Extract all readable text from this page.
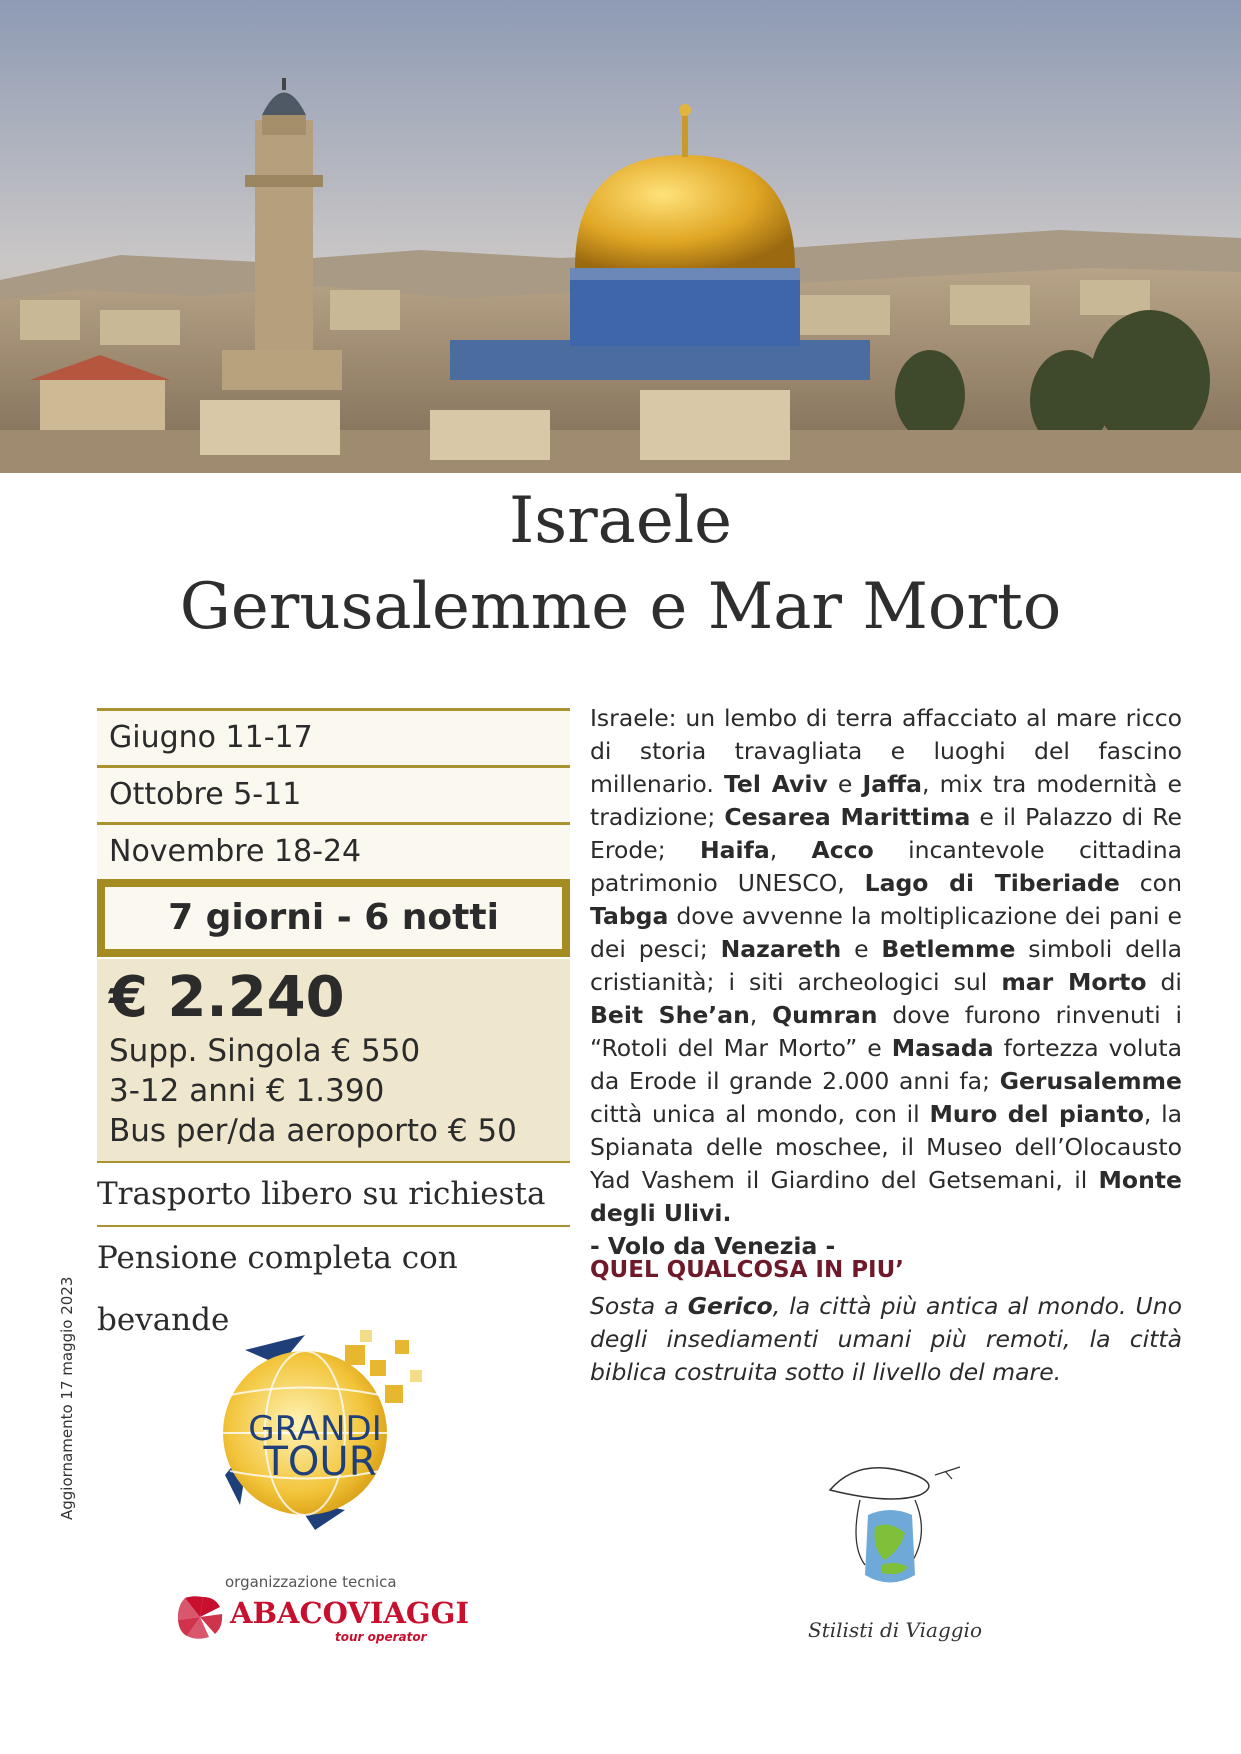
Israele
Gerusalemme e Mar Morto
Giugno 11-17
Ottobre 5-11
Novembre 18-24
7 giorni - 6 notti
€ 2.240
Supp. Singola € 550
3-12 anni € 1.390
Bus per/da aeroporto € 50
Trasporto libero su richiesta
Pensione completa con bevande
Israele: un lembo di terra affacciato al mare ricco di storia travagliata e luoghi del fascino millenario. Tel Aviv e Jaffa, mix tra modernità e tradizione; Cesarea Marittima e il Palazzo di Re Erode; Haifa, Acco incantevole cittadina patrimonio UNESCO, Lago di Tiberiade con Tabga dove avvenne la moltiplicazione dei pani e dei pesci; Nazareth e Betlemme simboli della cristianità; i siti archeologici sul mar Morto di Beit She’an, Qumran dove furono rinvenuti i “Rotoli del Mar Morto” e Masada fortezza voluta da Erode il grande 2.000 anni fa; Gerusalemme città unica al mondo, con il Muro del pianto, la Spianata delle moschee, il Museo dell’Olocausto Yad Vashem il Giardino del Getsemani, il Monte degli Ulivi.
- Volo da Venezia -
QUEL QUALCOSA IN PIU’
Sosta a Gerico, la città più antica al mondo. Uno degli insediamenti umani più remoti, la città biblica costruita sotto il livello del mare.
Aggiornamento 17 maggio 2023	GRANDI
TOUR
organizzazione tecnica
ABACOVIAGGI
tour operator	Stilisti di Viaggio
